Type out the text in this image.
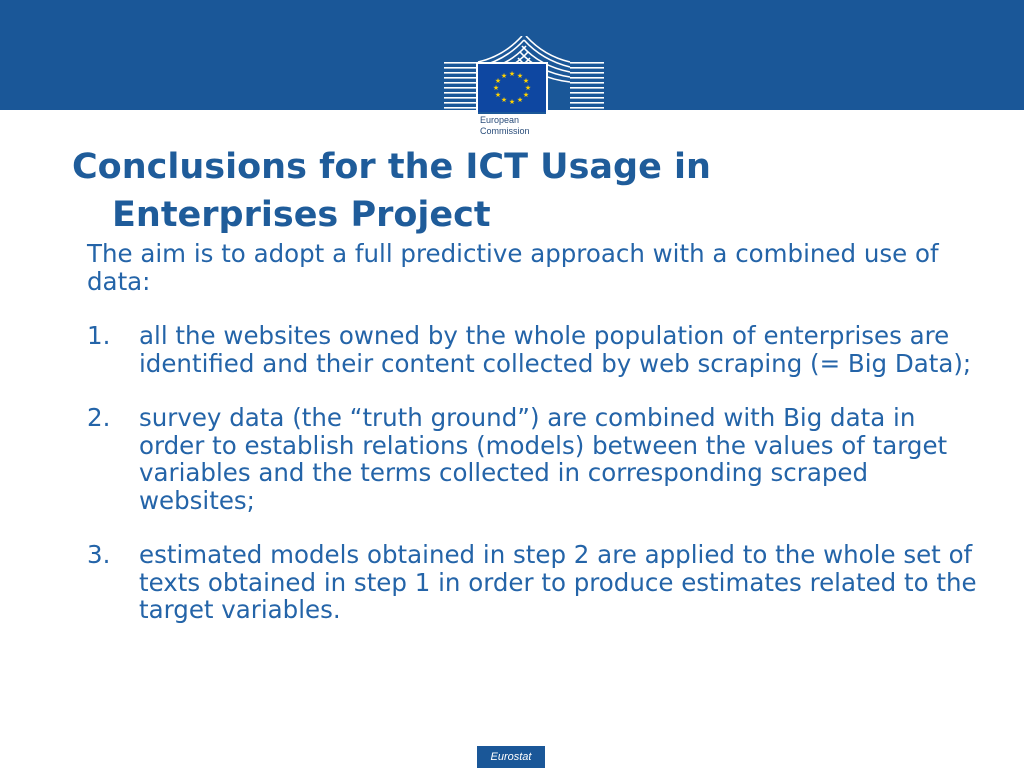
★ ★
★
★
★
★
★
★
★
★
★
★
European
Commission
Conclusions for the ICT Usage in
Enterprises Project

The aim is to adopt a full predictive approach with a combined use of data:

1.	all the websites owned by the whole population of enterprises are identified and their content collected by web scraping (= Big Data);
2.	survey data (the “truth ground”) are combined with Big data in order to establish relations (models) between the values of target variables and the terms collected in corresponding scraped websites;
3.	estimated models obtained in step 2 are applied to the whole set of texts obtained in step 1 in order to produce estimates related to the target variables.
Eurostat
